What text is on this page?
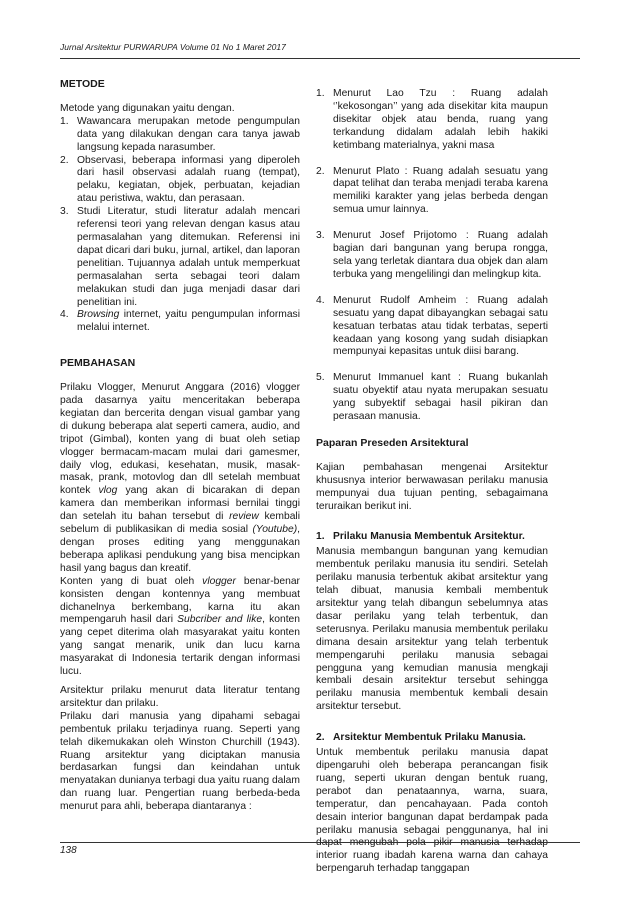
Jurnal Arsitektur PURWARUPA Volume 01 No 1 Maret 2017
METODE

Metode yang digunakan yaitu dengan.

1. Wawancara merupakan metode pengumpulan data yang dilakukan dengan cara tanya jawab langsung kepada narasumber.
2. Observasi, beberapa informasi yang diperoleh dari hasil observasi adalah ruang (tempat), pelaku, kegiatan, objek, perbuatan, kejadian atau peristiwa, waktu, dan perasaan.
3. Studi Literatur, studi literatur adalah mencari referensi teori yang relevan dengan kasus atau permasalahan yang ditemukan. Referensi ini dapat dicari dari buku, jurnal, artikel, dan laporan penelitian. Tujuannya adalah untuk memperkuat permasalahan serta sebagai teori dalam melakukan studi dan juga menjadi dasar dari penelitian ini.
4. Browsing internet, yaitu pengumpulan informasi melalui internet.
PEMBAHASAN

Prilaku Vlogger, Menurut Anggara (2016) vlogger pada dasarnya yaitu menceritakan beberapa kegiatan dan bercerita dengan visual gambar yang di dukung beberapa alat seperti camera, audio, and tripot (Gimbal), konten yang di buat oleh setiap vlogger bermacam-macam mulai dari gamesmer, daily vlog, edukasi, kesehatan, musik, masak-masak, prank, motovlog dan dll setelah membuat kontek vlog yang akan di bicarakan di depan kamera dan memberikan informasi bernilai tinggi dan setelah itu bahan tersebut di review kembali sebelum di publikasikan di media sosial (Youtube), dengan proses editing yang menggunakan beberapa aplikasi pendukung yang bisa mencipkan hasil yang bagus dan kreatif.

Konten yang di buat oleh vlogger benar-benar konsisten dengan kontennya yang membuat dichanelnya berkembang, karna itu akan mempengaruh hasil dari Subcriber and like, konten yang cepet diterima olah masyarakat yaitu konten yang sangat menarik, unik dan lucu karna masyarakat di Indonesia tertarik dengan informasi lucu.

Arsitektur prilaku menurut data literatur tentang arsitektur dan prilaku.

Prilaku dari manusia yang dipahami sebagai pembentuk prilaku terjadinya ruang. Seperti yang telah dikemukakan oleh Winston Churchill (1943). Ruang arsitektur yang diciptakan manusia berdasarkan fungsi dan keindahan untuk menyatakan dunianya terbagi dua yaitu ruang dalam dan ruang luar. Pengertian ruang berbeda-beda menurut para ahli, beberapa diantaranya :

1. Menurut Lao Tzu : Ruang adalah ‘’kekosongan’’ yang ada disekitar kita maupun disekitar objek atau benda, ruang yang terkandung didalam adalah lebih hakiki ketimbang materialnya, yakni masa
2. Menurut Plato : Ruang adalah sesuatu yang dapat telihat dan teraba menjadi teraba karena memiliki karakter yang jelas berbeda dengan semua umur lainnya.
3. Menurut Josef Prijotomo : Ruang adalah bagian dari bangunan yang berupa rongga, sela yang terletak diantara dua objek dan alam terbuka yang mengelilingi dan melingkup kita.
4. Menurut Rudolf Amheim : Ruang adalah sesuatu yang dapat dibayangkan sebagai satu kesatuan terbatas atau tidak terbatas, seperti keadaan yang kosong yang sudah disiapkan mempunyai kepasitas untuk diisi barang.
5. Menurut Immanuel kant : Ruang bukanlah suatu obyektif atau nyata merupakan sesuatu yang subyektif sebagai hasil pikiran dan perasaan manusia.
Paparan Preseden Arsitektural

Kajian pembahasan mengenai Arsitektur khususnya interior berwawasan perilaku manusia mempunyai dua tujuan penting, sebagaimana teruraikan berikut ini.

1. Prilaku Manusia Membentuk Arsitektur.

Manusia membangun bangunan yang kemudian membentuk perilaku manusia itu sendiri. Setelah perilaku manusia terbentuk akibat arsitektur yang telah dibuat, manusia kembali membentuk arsitektur yang telah dibangun sebelumnya atas dasar perilaku yang telah terbentuk, dan seterusnya. Perilaku manusia membentuk perilaku dimana desain arsitektur yang telah terbentuk mempengaruhi perilaku manusia sebagai pengguna yang kemudian manusia mengkaji kembali desain arsitektur tersebut sehingga perilaku manusia membentuk kembali desain arsitektur tersebut.

2. Arsitektur Membentuk Prilaku Manusia.

Untuk membentuk perilaku manusia dapat dipengaruhi oleh beberapa perancangan fisik ruang, seperti ukuran dengan bentuk ruang, perabot dan penataannya, warna, suara, temperatur, dan pencahayaan. Pada contoh desain interior bangunan dapat berdampak pada perilaku manusia sebagai penggunanya, hal ini dapat mengubah pola pikir manusia terhadap interior ruang ibadah karena warna dan cahaya berpengaruh terhadap tanggapan

138
